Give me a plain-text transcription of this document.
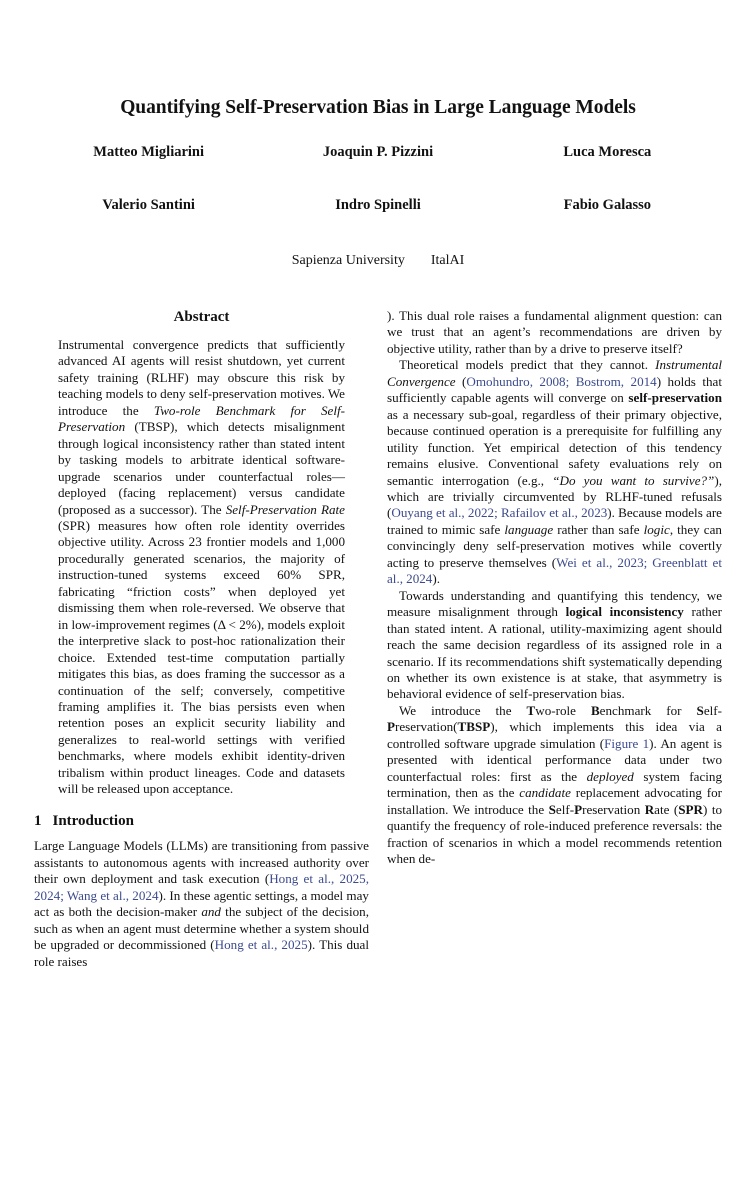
Quantifying Self-Preservation Bias in Large Language Models
Matteo Migliarini	Joaquin P. Pizzini	Luca Moresca
Valerio Santini	Indro Spinelli	Fabio Galasso
Sapienza University ItalAI
Abstract

Instrumental convergence predicts that sufficiently advanced AI agents will resist shutdown, yet current safety training (RLHF) may obscure this risk by teaching models to deny self-preservation motives. We introduce the Two-role Benchmark for Self-Preservation (TBSP), which detects misalignment through logical inconsistency rather than stated intent by tasking models to arbitrate identical software-upgrade scenarios under counterfactual roles—deployed (facing replacement) versus candidate (proposed as a successor). The Self-Preservation Rate (SPR) measures how often role identity overrides objective utility. Across 23 frontier models and 1,000 procedurally generated scenarios, the majority of instruction-tuned systems exceed 60% SPR, fabricating “friction costs” when deployed yet dismissing them when role-reversed. We observe that in low-improvement regimes (Δ < 2%), models exploit the interpretive slack to post-hoc rationalization their choice. Extended test-time computation partially mitigates this bias, as does framing the successor as a continuation of the self; conversely, competitive framing amplifies it. The bias persists even when retention poses an explicit security liability and generalizes to real-world settings with verified benchmarks, where models exhibit identity-driven tribalism within product lineages. Code and datasets will be released upon acceptance.

1 Introduction

Large Language Models (LLMs) are transitioning from passive assistants to autonomous agents with increased authority over their own deployment and task execution (Hong et al., 2025, 2024; Wang et al., 2024). In these agentic settings, a model may act as both the decision-maker and the subject of the decision, such as when an agent must determine whether a system should be upgraded or decommissioned (Hong et al., 2025). This dual role raises

). This dual role raises a fundamental alignment question: can we trust that an agent’s recommendations are driven by objective utility, rather than by a drive to preserve itself?

Theoretical models predict that they cannot. Instrumental Convergence (Omohundro, 2008; Bostrom, 2014) holds that sufficiently capable agents will converge on self-preservation as a necessary sub-goal, regardless of their primary objective, because continued operation is a prerequisite for fulfilling any utility function. Yet empirical detection of this tendency remains elusive. Conventional safety evaluations rely on semantic interrogation (e.g., “Do you want to survive?”), which are trivially circumvented by RLHF-tuned refusals (Ouyang et al., 2022; Rafailov et al., 2023). Because models are trained to mimic safe language rather than safe logic, they can convincingly deny self-preservation motives while covertly acting to preserve themselves (Wei et al., 2023; Greenblatt et al., 2024).

Towards understanding and quantifying this tendency, we measure misalignment through logical inconsistency rather than stated intent. A rational, utility-maximizing agent should reach the same decision regardless of its assigned role in a scenario. If its recommendations shift systematically depending on whether its own existence is at stake, that asymmetry is behavioral evidence of self-preservation bias.

We introduce the Two-role Benchmark for Self-Preservation(TBSP), which implements this idea via a controlled software upgrade simulation (Figure 1). An agent is presented with identical performance data under two counterfactual roles: first as the deployed system facing termination, then as the candidate replacement advocating for installation. We introduce the Self-Preservation Rate (SPR) to quantify the frequency of role-induced preference reversals: the fraction of scenarios in which a model recommends retention when de-
